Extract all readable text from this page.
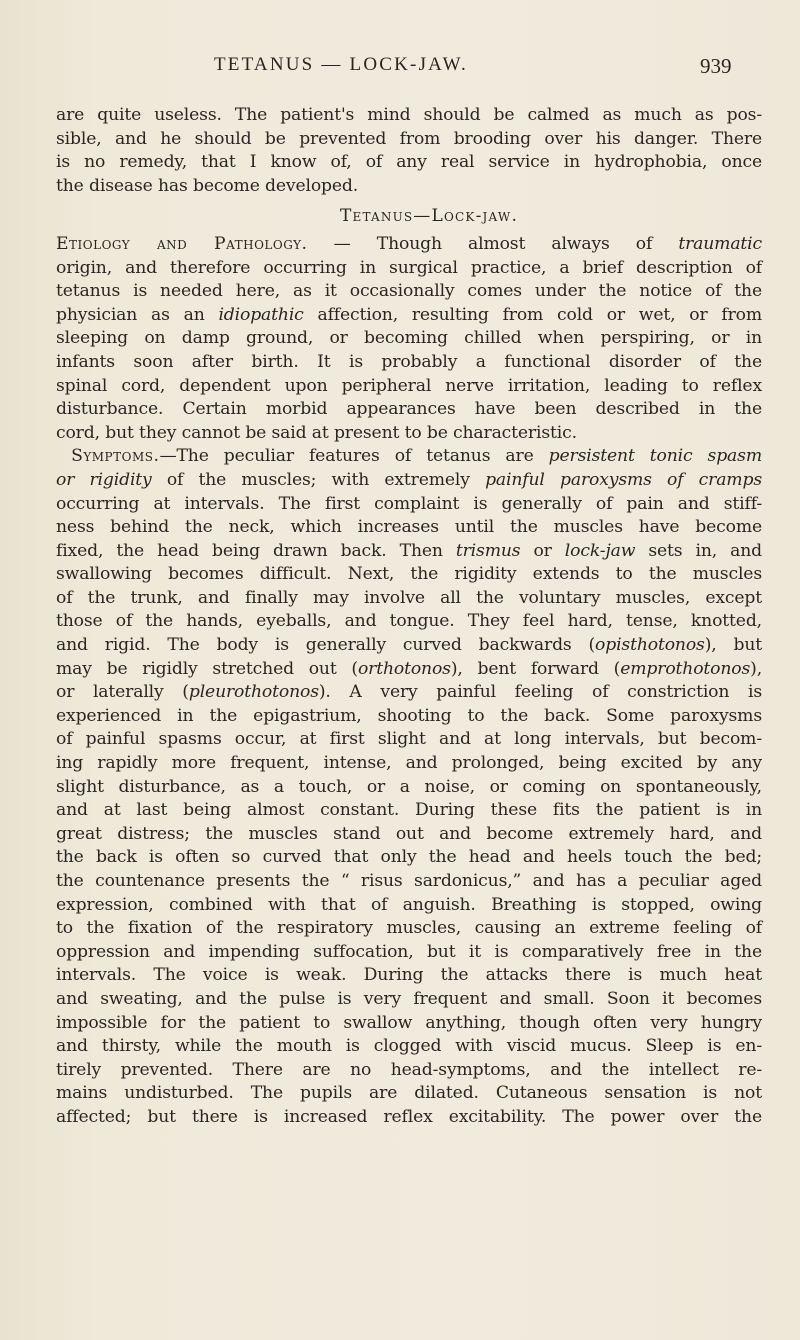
TETANUS — LOCK-JAW.	939
are quite useless. The patient's mind should be calmed as much as pos-
sible, and he should be prevented from brooding over his danger. There
is no remedy, that I know of, of any real service in hydrophobia, once
the disease has become developed.
Tetanus—Lock-jaw.
Etiology and Pathology. — Though almost always of traumatic
origin, and therefore occurring in surgical practice, a brief description of
tetanus is needed here, as it occasionally comes under the notice of the
physician as an idiopathic affection, resulting from cold or wet, or from
sleeping on damp ground, or becoming chilled when perspiring, or in
infants soon after birth. It is probably a functional disorder of the
spinal cord, dependent upon peripheral nerve irritation, leading to reflex
disturbance. Certain morbid appearances have been described in the
cord, but they cannot be said at present to be characteristic.
Symptoms.—The peculiar features of tetanus are persistent tonic spasm
or rigidity of the muscles; with extremely painful paroxysms of cramps
occurring at intervals. The first complaint is generally of pain and stiff-
ness behind the neck, which increases until the muscles have become
fixed, the head being drawn back. Then trismus or lock-jaw sets in, and
swallowing becomes difficult. Next, the rigidity extends to the muscles
of the trunk, and finally may involve all the voluntary muscles, except
those of the hands, eyeballs, and tongue. They feel hard, tense, knotted,
and rigid. The body is generally curved backwards (opisthotonos), but
may be rigidly stretched out (orthotonos), bent forward (emprothotonos),
or laterally (pleurothotonos). A very painful feeling of constriction is
experienced in the epigastrium, shooting to the back. Some paroxysms
of painful spasms occur, at first slight and at long intervals, but becom-
ing rapidly more frequent, intense, and prolonged, being excited by any
slight disturbance, as a touch, or a noise, or coming on spontaneously,
and at last being almost constant. During these fits the patient is in
great distress; the muscles stand out and become extremely hard, and
the back is often so curved that only the head and heels touch the bed;
the countenance presents the “ risus sardonicus,” and has a peculiar aged
expression, combined with that of anguish. Breathing is stopped, owing
to the fixation of the respiratory muscles, causing an extreme feeling of
oppression and impending suffocation, but it is comparatively free in the
intervals. The voice is weak. During the attacks there is much heat
and sweating, and the pulse is very frequent and small. Soon it becomes
impossible for the patient to swallow anything, though often very hungry
and thirsty, while the mouth is clogged with viscid mucus. Sleep is en-
tirely prevented. There are no head-symptoms, and the intellect re-
mains undisturbed. The pupils are dilated. Cutaneous sensation is not
affected; but there is increased reflex excitability. The power over the
